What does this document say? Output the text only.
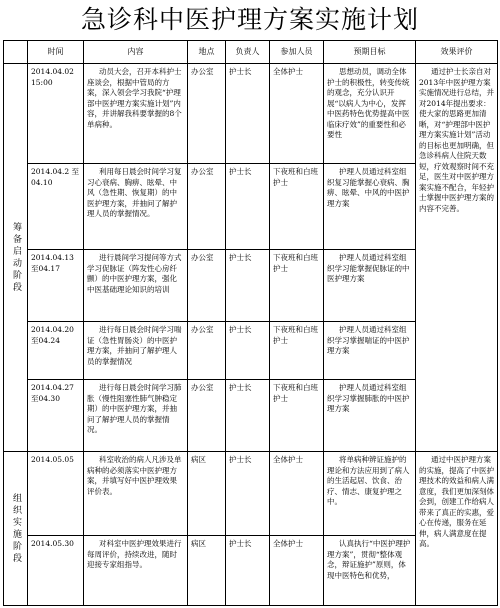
急诊科中医护理方案实施计划
	时间	内容	地点	负责人	参加人员	预期目标	效果评价
筹备启动阶段	2014.04.02 15:00	动员大会，召开本科护士座谈会，根据中管局的方案，深入领会学习我院“护理部中医护理方案实施计划”内容，并讲解我科要掌握的8个单病种。	办公室	护士长	全体护士	思想动员，调动全体护士的积极性，转变传统的观念，充分认识开展“以病人为中心，发挥中医药特色优势提高中医临床疗效”的重要性和必要性	通过护士长亲自对2013年中医护理方案实施情况进行总结，并对2014年提出要求：使大家的思路更加清晰，对“护理部中医护理方案实施计划”活动的目标也更加明确，但急诊科病人住院天数短，疗效观察时间不充足，医生对中医护理方案实施不配合，年轻护士掌握中医护理方案的内容不完善。
	2014.04.2 至04.10	利用每日晨会时间学习复习心衰病、胸痹、眩晕、中风（急性期、恢复期）的中医护理方案，并抽问了解护理人员的掌握情况。	办公室	护士长	下夜班和白班护士	护理人员通过科室组织复习能掌握心衰病、胸痹、眩晕、中风的中医护理方案	
	2014.04.13 至04.17	进行晨间学习提问等方式学习促脉证（阵发性心房纤颤）的中医护理方案，强化中医基础理论知识的培训	办公室	护士长	下夜班和白班护士	护理人员通过科室组织学习能掌握促脉证的中医护理方案	
	2014.04.20 至04.24	进行每日晨会时间学习喘证（急性胃肠炎）的中医护理方案，并抽问了解护理人员的掌握情况	办公室	护士长	下夜班和白班护士	护理人员通过科室组织学习掌握喘证的中医护理方案	
	2014.04.27 至04.30	进行每日晨会时间学习肺胀（慢性阻塞性肺气肿稳定期）的中医护理方案，并抽问了解护理人员的掌握情况。	办公室	护士长	下夜班和白班护士	护理人员通过科室组织学习掌握肺胀的中医护理方案	
组织实施阶段	2014.05.05	科室收治的病人凡涉及单病种的必须落实中医护理方案，并填写好中医护理效果评价表。	病区	护士长	全体护士	将单病种辨证施护的理论和方法应用到了病人的生活起居、饮食、治疗、情志、康复护理之中。	通过中医护理方案的实施，提高了中医护理技术的效益和病人满意度，我们更加深刻体会到，创建工作给病人带来了真正的实惠，爱心在传递，服务在延伸，病人满意度在提高。
	2014.05.30	对科室中医护理效果进行每周评价，持续改进，随时迎接专家组指导。	病区	护士长	全体护士	认真执行“中医护理护理方案”，贯彻“整体观念，辩证施护”原则，体现中医特色和优势，	
